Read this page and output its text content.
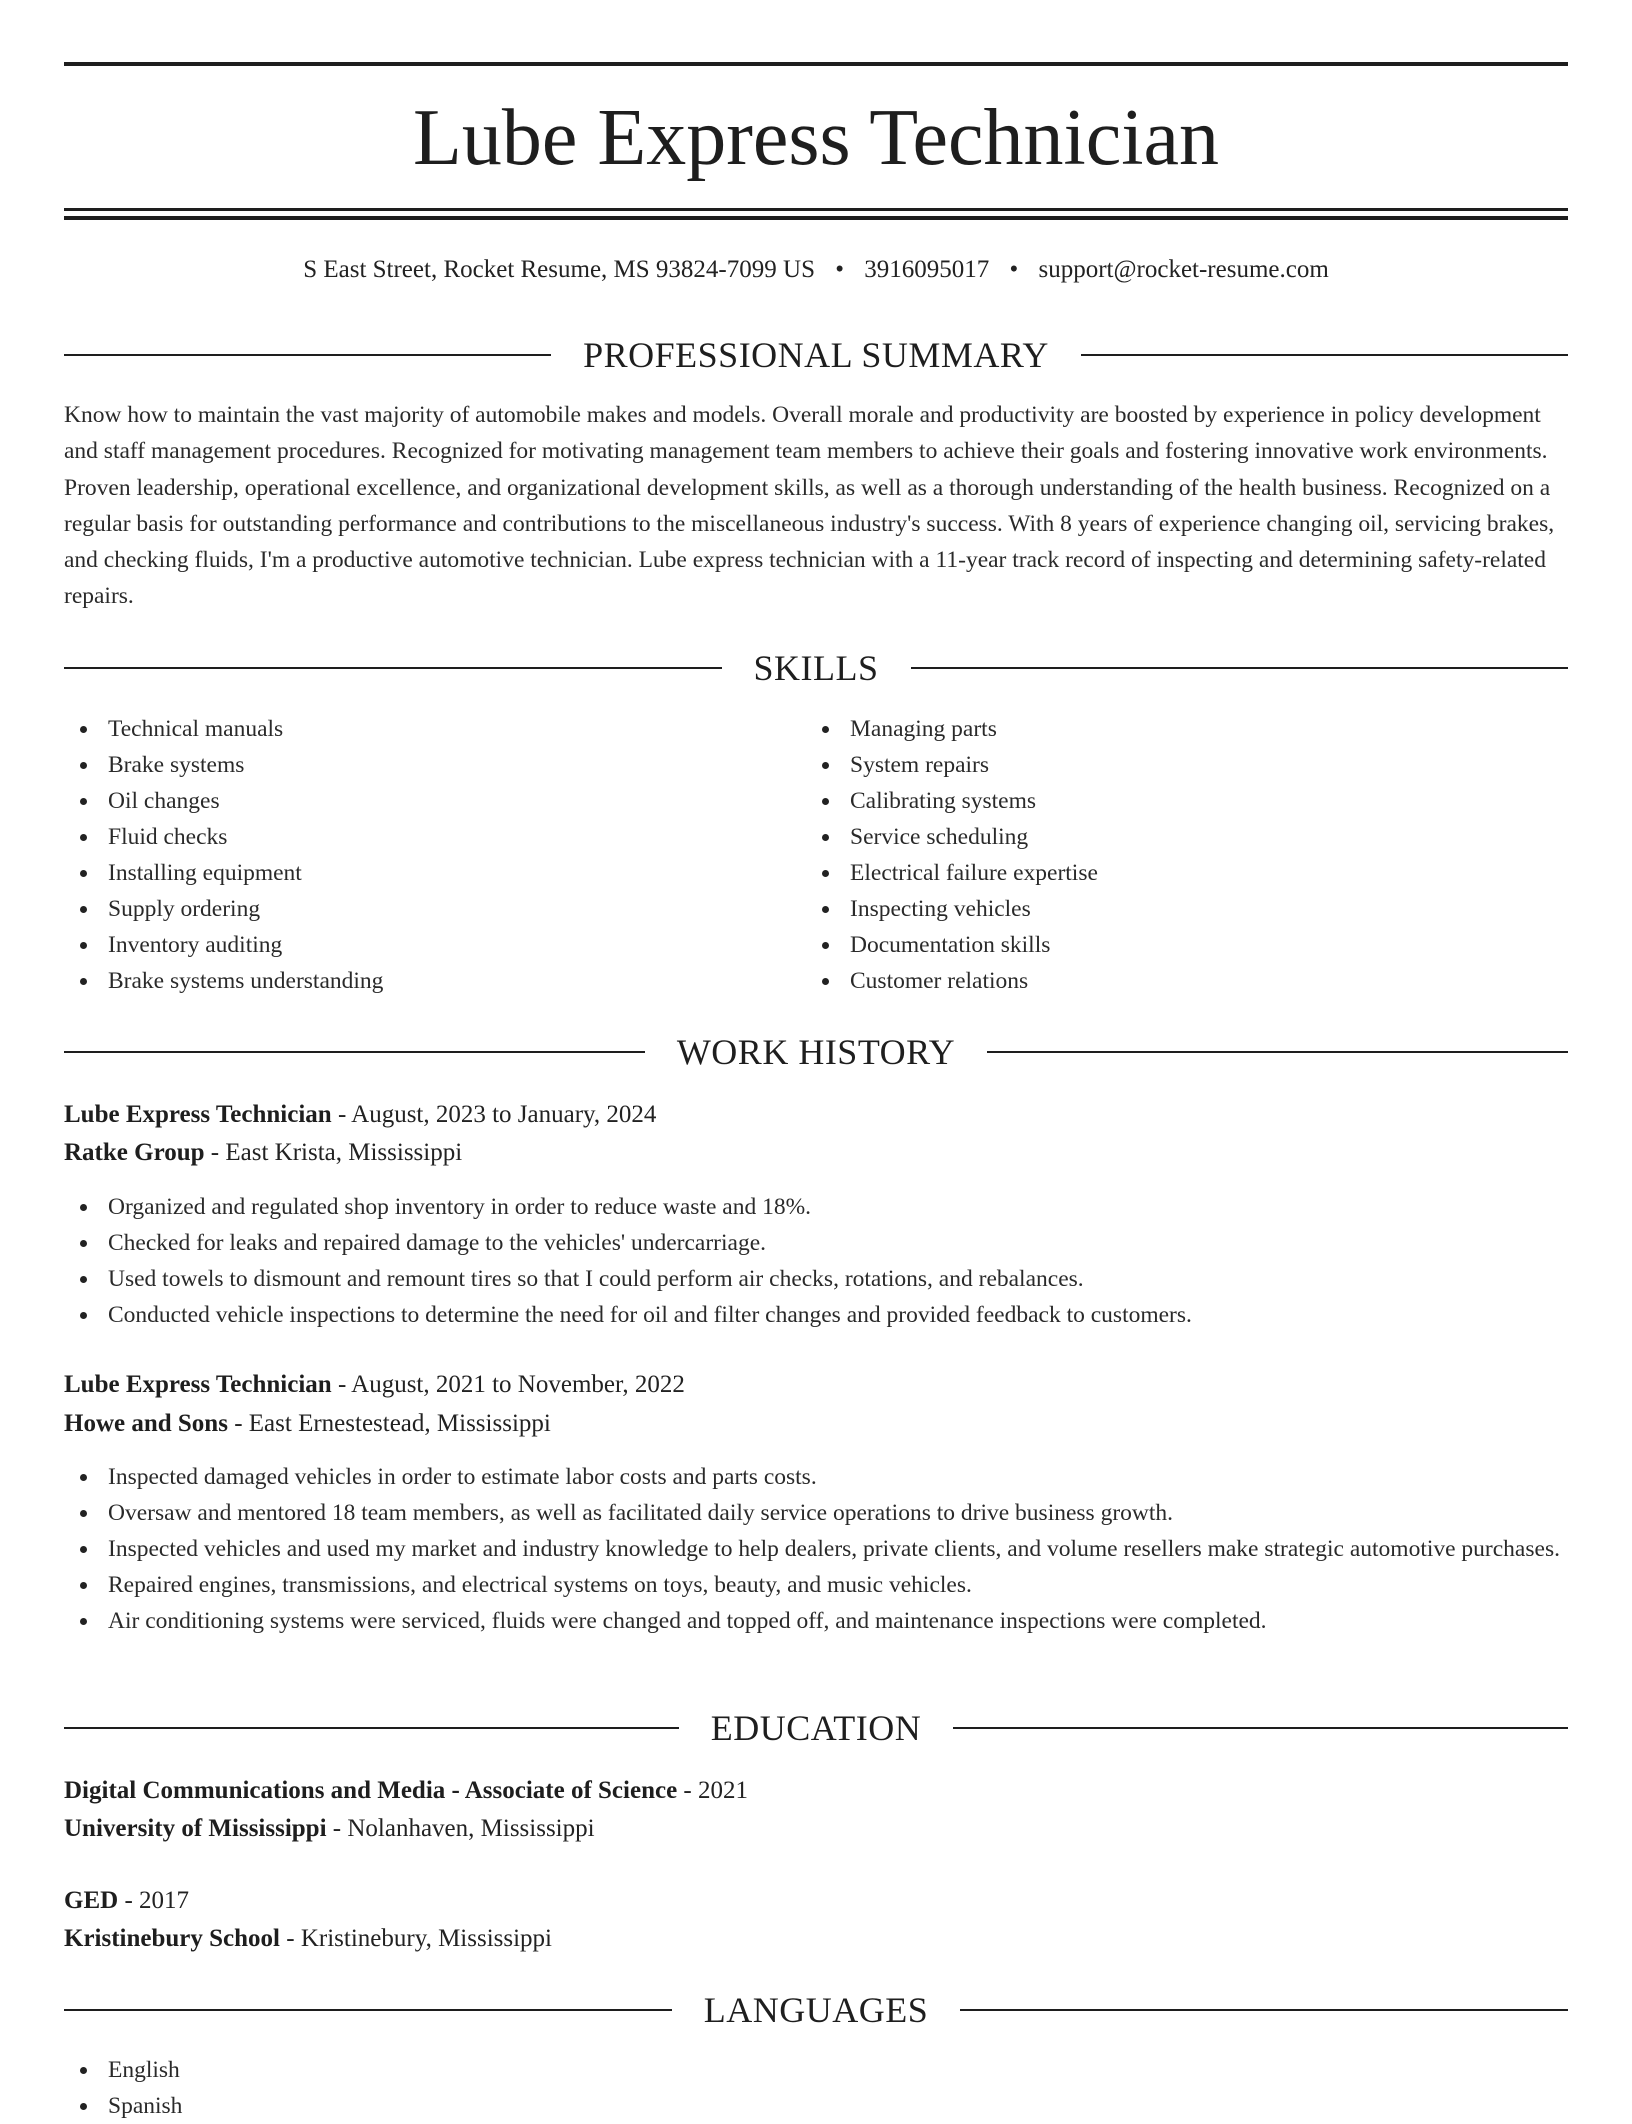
Lube Express Technician
S East Street, Rocket Resume, MS 93824-7099 US • 3916095017 • support@rocket-resume.com
PROFESSIONAL SUMMARY

Know how to maintain the vast majority of automobile makes and models. Overall morale and productivity are boosted by experience in policy development and staff management procedures. Recognized for motivating management team members to achieve their goals and fostering innovative work environments. Proven leadership, operational excellence, and organizational development skills, as well as a thorough understanding of the health business. Recognized on a regular basis for outstanding performance and contributions to the miscellaneous industry's success. With 8 years of experience changing oil, servicing brakes, and checking fluids, I'm a productive automotive technician. Lube express technician with a 11-year track record of inspecting and determining safety-related repairs.

SKILLS
Technical manuals
Brake systems
Oil changes
Fluid checks
Installing equipment
Supply ordering
Inventory auditing
Brake systems understanding
Managing parts
System repairs
Calibrating systems
Service scheduling
Electrical failure expertise
Inspecting vehicles
Documentation skills
Customer relations
WORK HISTORY
Lube Express Technician - August, 2023 to January, 2024
Ratke Group - East Krista, Mississippi
Organized and regulated shop inventory in order to reduce waste and 18%.
Checked for leaks and repaired damage to the vehicles' undercarriage.
Used towels to dismount and remount tires so that I could perform air checks, rotations, and rebalances.
Conducted vehicle inspections to determine the need for oil and filter changes and provided feedback to customers.
Lube Express Technician - August, 2021 to November, 2022
Howe and Sons - East Ernestestead, Mississippi
Inspected damaged vehicles in order to estimate labor costs and parts costs.
Oversaw and mentored 18 team members, as well as facilitated daily service operations to drive business growth.
Inspected vehicles and used my market and industry knowledge to help dealers, private clients, and volume resellers make strategic automotive purchases.
Repaired engines, transmissions, and electrical systems on toys, beauty, and music vehicles.
Air conditioning systems were serviced, fluids were changed and topped off, and maintenance inspections were completed.
EDUCATION
Digital Communications and Media - Associate of Science - 2021
University of Mississippi - Nolanhaven, Mississippi
GED - 2017
Kristinebury School - Kristinebury, Mississippi
LANGUAGES
English
Spanish
